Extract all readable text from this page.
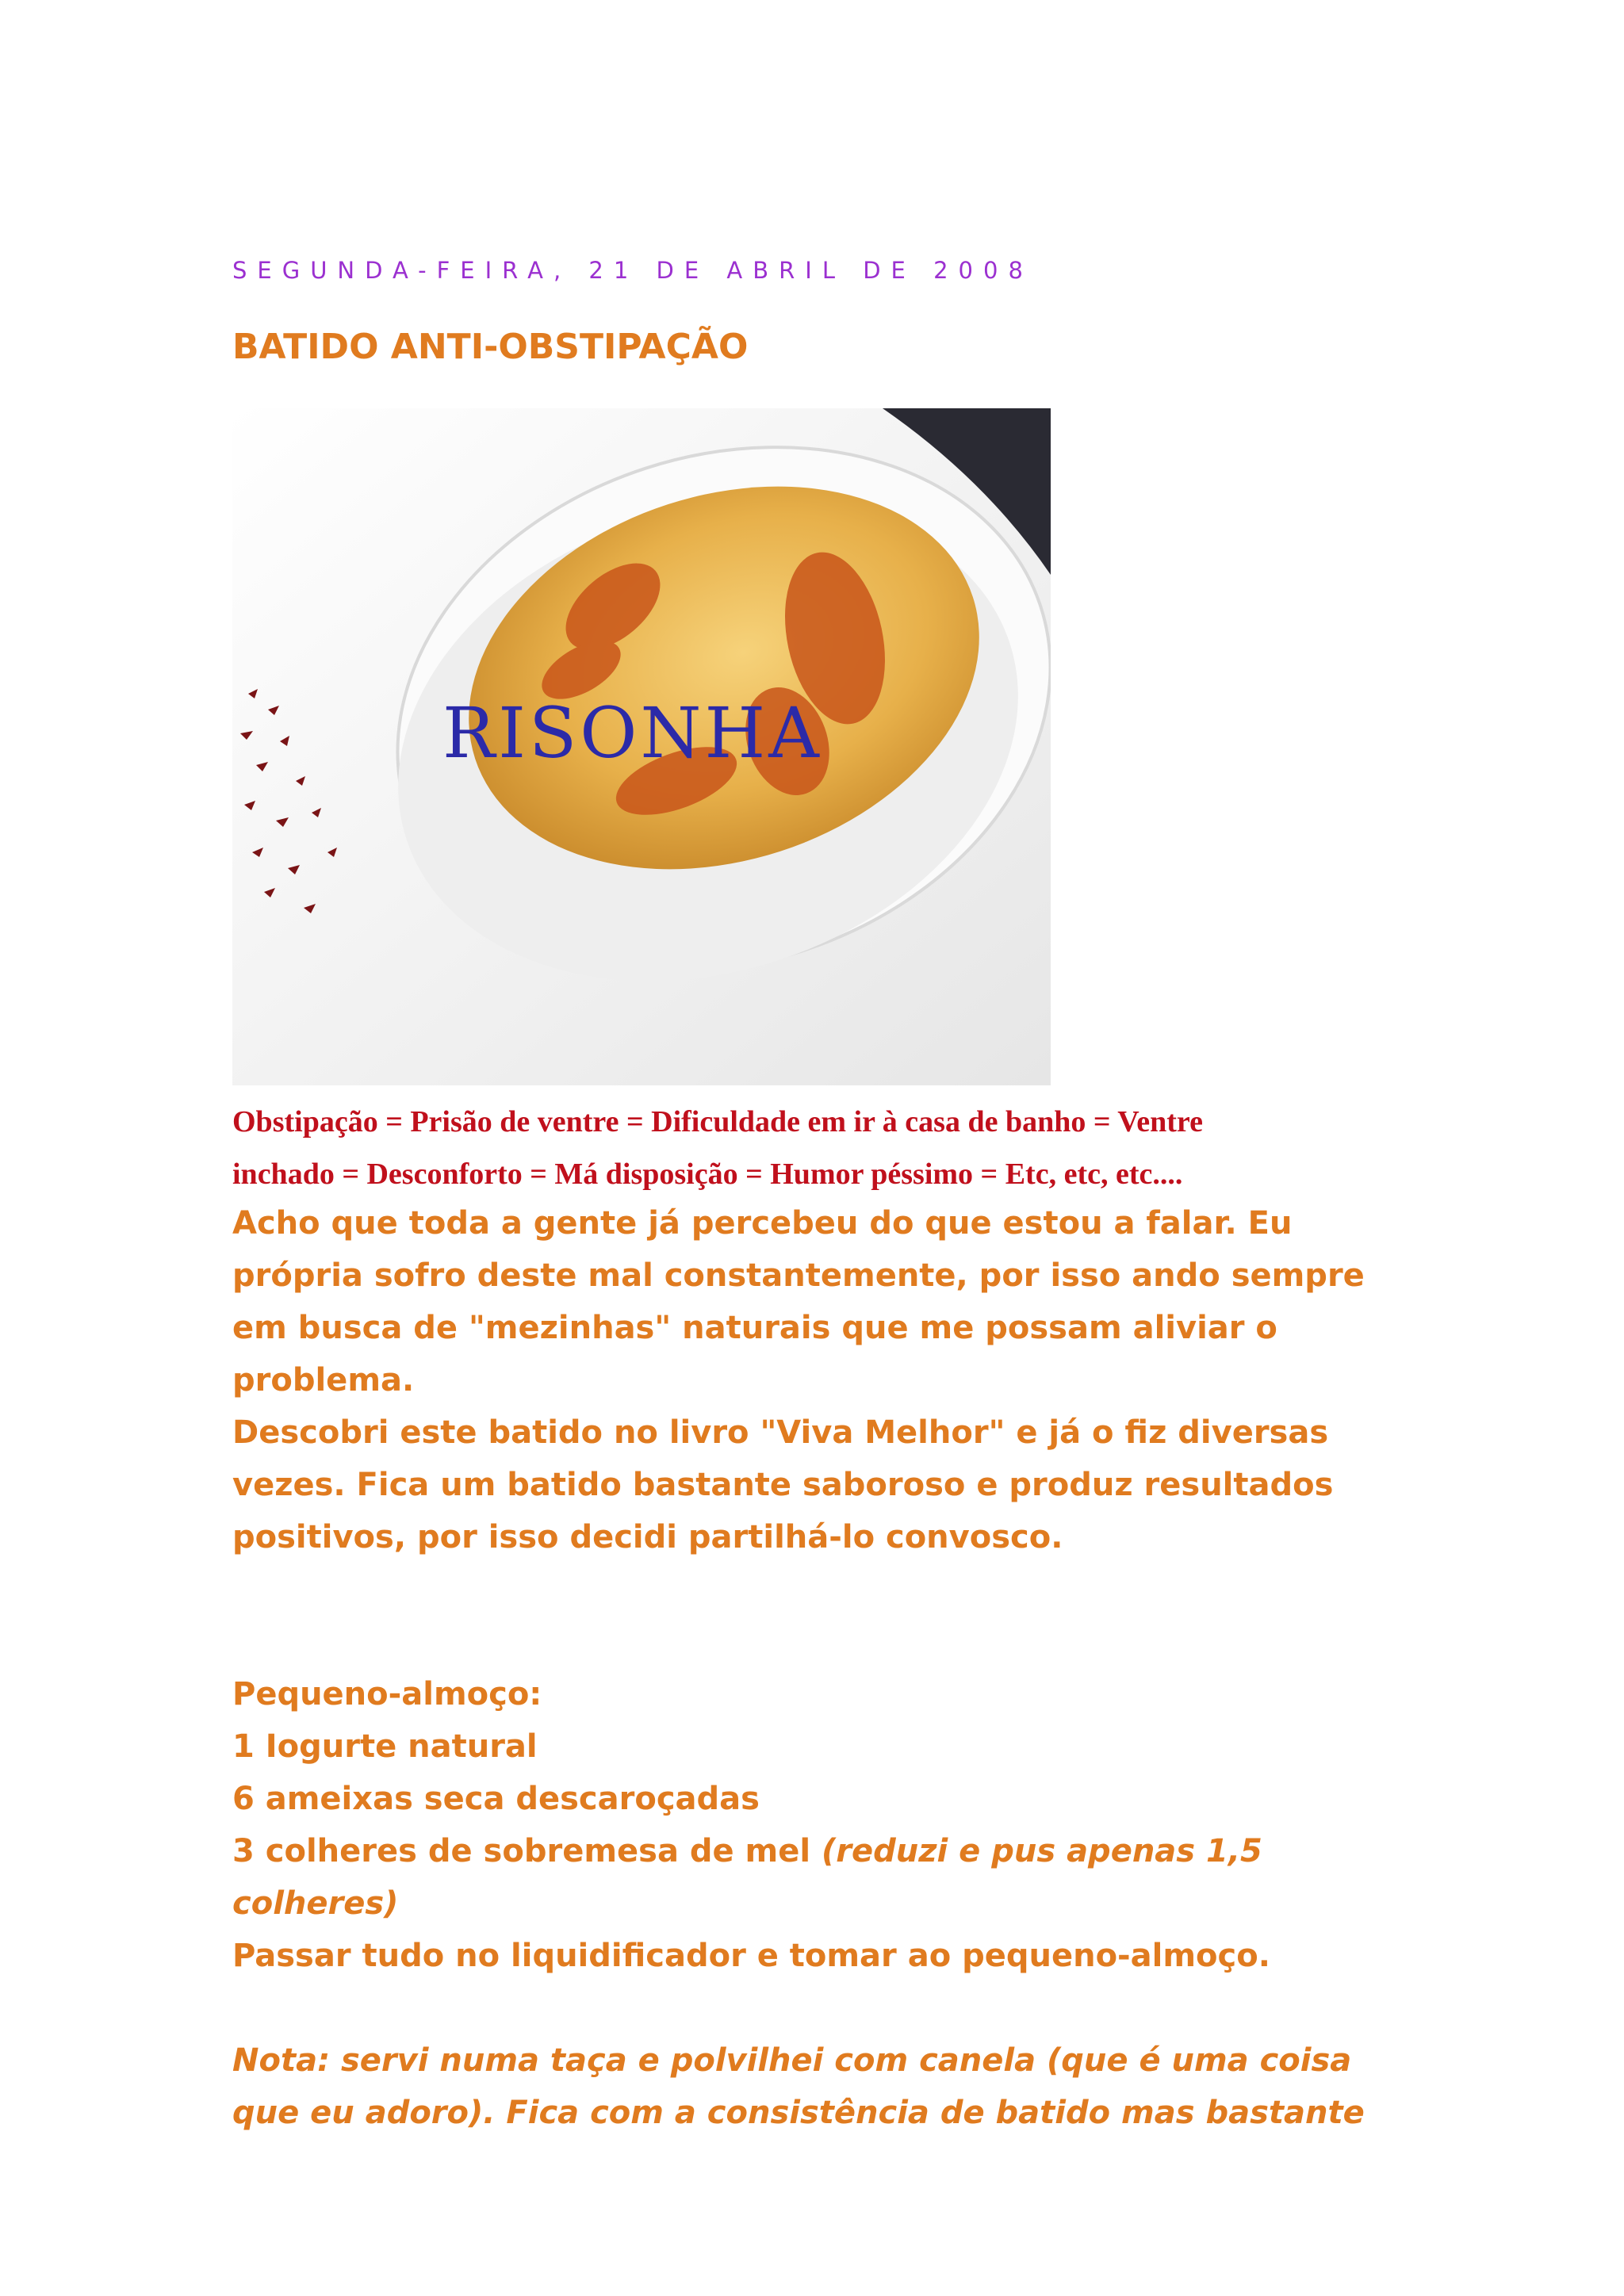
SEGUNDA-FEIRA, 21 DE ABRIL DE 2008
BATIDO ANTI-OBSTIPAÇÃO
RISONHA
Obstipação = Prisão de ventre = Dificuldade em ir à casa de banho = Ventre
inchado = Desconforto = Má disposição = Humor péssimo = Etc, etc, etc....

Acho que toda a gente já percebeu do que estou a falar. Eu

própria sofro deste mal constantemente, por isso ando sempre

em busca de "mezinhas" naturais que me possam aliviar o

problema.

Descobri este batido no livro "Viva Melhor" e já o fiz diversas

vezes. Fica um batido bastante saboroso e produz resultados

positivos, por isso decidi partilhá-lo convosco.

Pequeno-almoço:

1 Iogurte natural

6 ameixas seca descaroçadas

3 colheres de sobremesa de mel (reduzi e pus apenas 1,5

colheres)

Passar tudo no liquidificador e tomar ao pequeno-almoço.

Nota: servi numa taça e polvilhei com canela (que é uma coisa

que eu adoro). Fica com a consistência de batido mas bastante
